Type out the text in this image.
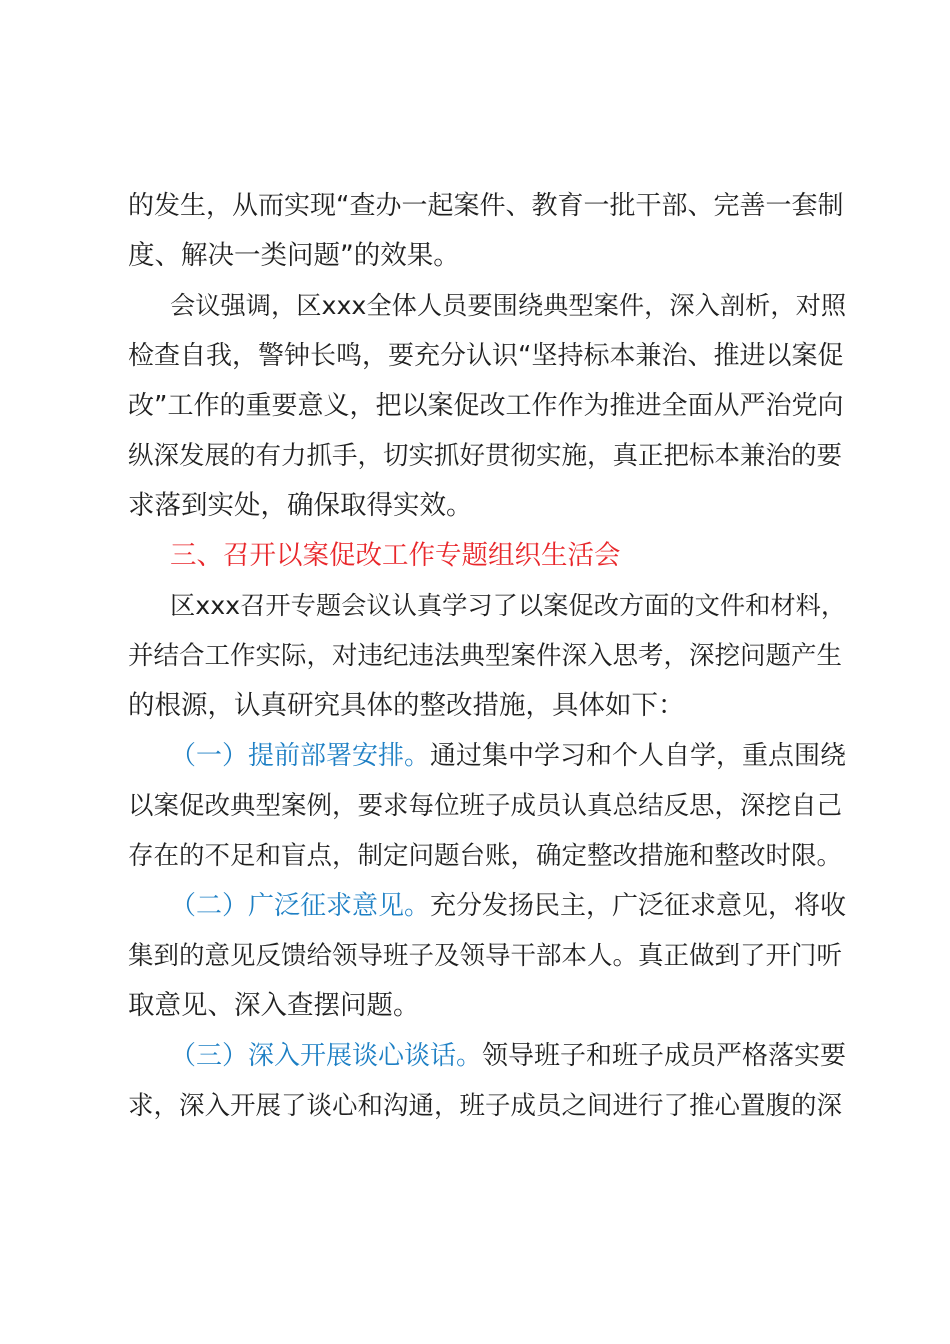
的发生，从而实现“查办一起案件、教育一批干部、完善一套制
度、解决一类问题”的效果。
会议强调，区xxx全体人员要围绕典型案件，深入剖析，对照
检查自我，警钟长鸣，要充分认识“坚持标本兼治、推进以案促
改”工作的重要意义，把以案促改工作作为推进全面从严治党向
纵深发展的有力抓手，切实抓好贯彻实施，真正把标本兼治的要
求落到实处，确保取得实效。
三、召开以案促改工作专题组织生活会
区xxx召开专题会议认真学习了以案促改方面的文件和材料，
并结合工作实际，对违纪违法典型案件深入思考，深挖问题产生
的根源，认真研究具体的整改措施，具体如下：
（一）提前部署安排。通过集中学习和个人自学，重点围绕
以案促改典型案例，要求每位班子成员认真总结反思，深挖自己
存在的不足和盲点，制定问题台账，确定整改措施和整改时限。
（二）广泛征求意见。充分发扬民主，广泛征求意见，将收
集到的意见反馈给领导班子及领导干部本人。真正做到了开门听
取意见、深入查摆问题。
（三）深入开展谈心谈话。领导班子和班子成员严格落实要
求，深入开展了谈心和沟通，班子成员之间进行了推心置腹的深
